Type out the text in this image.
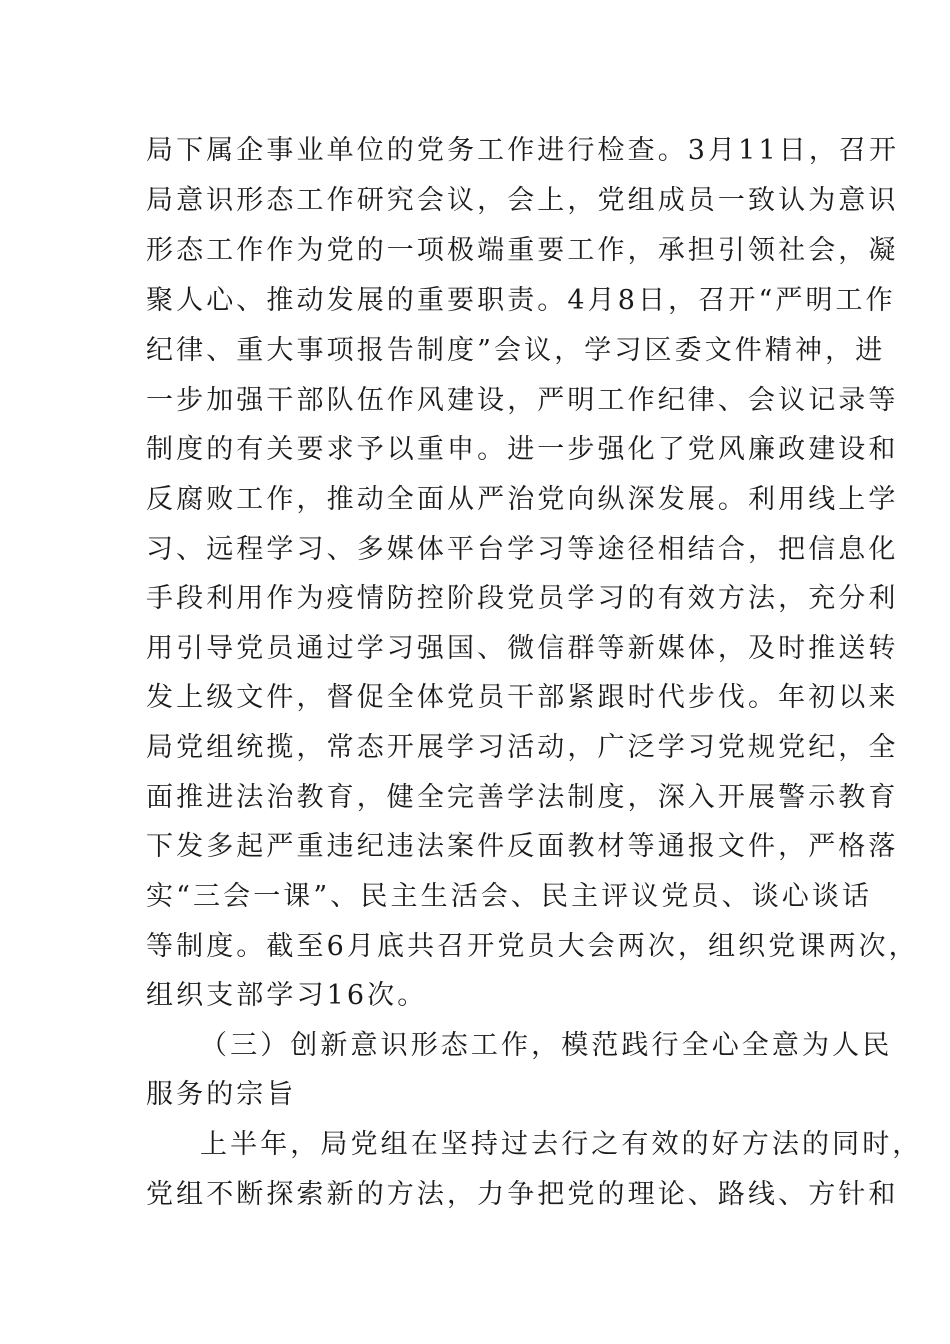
局下属企事业单位的党务工作进行检查。3月11日，召开
局意识形态工作研究会议，会上，党组成员一致认为意识
形态工作作为党的一项极端重要工作，承担引领社会，凝
聚人心、推动发展的重要职责。4月8日，召开“严明工作
纪律、重大事项报告制度”会议，学习区委文件精神，进
一步加强干部队伍作风建设，严明工作纪律、会议记录等
制度的有关要求予以重申。进一步强化了党风廉政建设和
反腐败工作，推动全面从严治党向纵深发展。利用线上学
习、远程学习、多媒体平台学习等途径相结合，把信息化
手段利用作为疫情防控阶段党员学习的有效方法，充分利
用引导党员通过学习强国、微信群等新媒体，及时推送转
发上级文件，督促全体党员干部紧跟时代步伐。年初以来
局党组统揽，常态开展学习活动，广泛学习党规党纪，全
面推进法治教育，健全完善学法制度，深入开展警示教育
下发多起严重违纪违法案件反面教材等通报文件，严格落
实“三会一课”、民主生活会、民主评议党员、谈心谈话
等制度。截至6月底共召开党员大会两次，组织党课两次，
组织支部学习16次。
（三）创新意识形态工作，模范践行全心全意为人民
服务的宗旨
上半年，局党组在坚持过去行之有效的好方法的同时，
党组不断探索新的方法，力争把党的理论、路线、方针和
